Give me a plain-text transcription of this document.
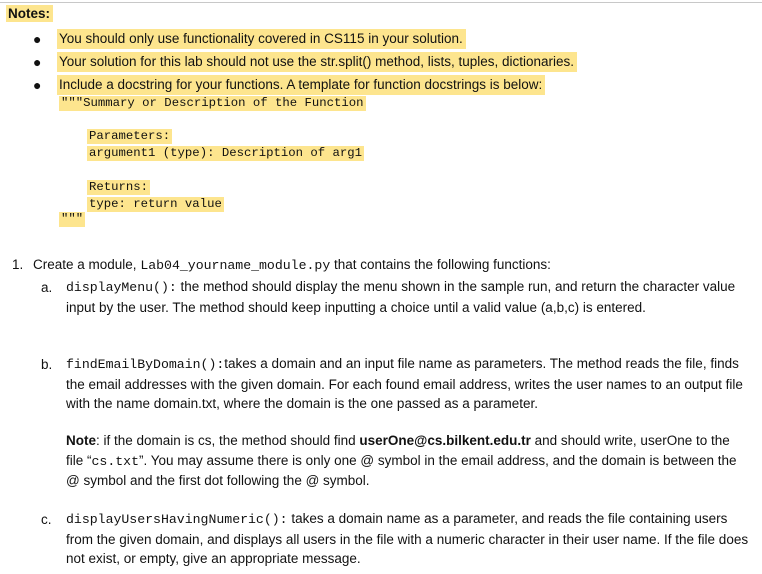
Notes:
● You should only use functionality covered in CS115 in your solution.
● Your solution for this lab should not use the str.split() method, lists, tuples, dictionaries.
● Include a docstring for your functions. A template for function docstrings is below:
"""Summary or Description of the Function
Parameters:
argument1 (type): Description of arg1
Returns:
type: return value
"""
1. Create a module, Lab04_yourname_module.py that contains the following functions:
a. displayMenu(): the method should display the menu shown in the sample run, and return the character value input by the user. The method should keep inputting a choice until a valid value (a,b,c) is entered.
b. findEmailByDomain():takes a domain and an input file name as parameters. The method reads the file, finds the email addresses with the given domain. For each found email address, writes the user names to an output file with the name domain.txt, where the domain is the one passed as a parameter.
Note: if the domain is cs, the method should find userOne@cs.bilkent.edu.tr and should write, userOne to the file “cs.txt”. You may assume there is only one @ symbol in the email address, and the domain is between the @ symbol and the first dot following the @ symbol.
c. displayUsersHavingNumeric(): takes a domain name as a parameter, and reads the file containing users from the given domain, and displays all users in the file with a numeric character in their user name. If the file does not exist, or empty, give an appropriate message.
